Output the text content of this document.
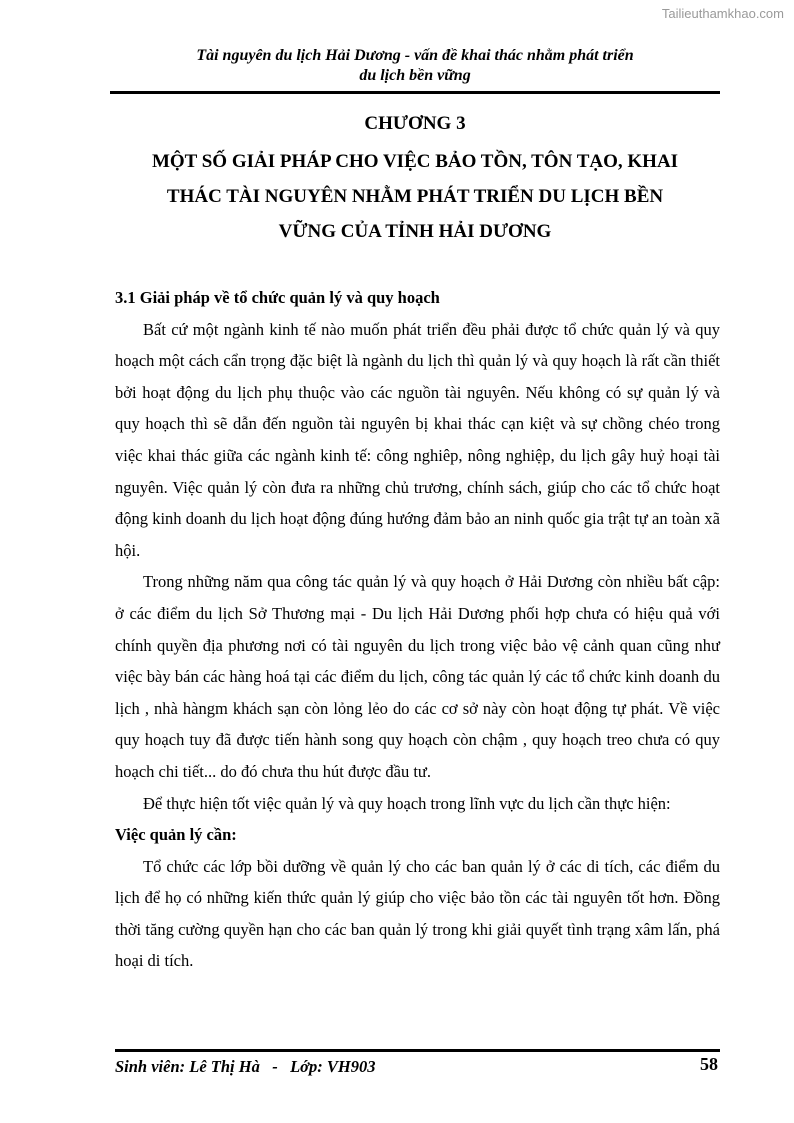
Tailieuthamkhao.com
Tài nguyên du lịch Hải Dương - vấn đề khai thác nhằm phát triển
du lịch bền vững
CHƯƠNG 3
MỘT SỐ GIẢI PHÁP CHO VIỆC BẢO TỒN, TÔN TẠO, KHAI
THÁC TÀI NGUYÊN NHẰM PHÁT TRIỂN DU LỊCH BỀN
VỮNG CỦA TỈNH HẢI DƯƠNG

3.1 Giải pháp về tổ chức quản lý và quy hoạch

Bất cứ một ngành kinh tế nào muốn phát triển đều phải được tổ chức quản lý và quy hoạch một cách cẩn trọng đặc biệt là ngành du lịch thì quản lý và quy hoạch là rất cần thiết bởi hoạt động du lịch phụ thuộc vào các nguồn tài nguyên. Nếu không có sự quản lý và quy hoạch thì sẽ dẫn đến nguồn tài nguyên bị khai thác cạn kiệt và sự chồng chéo trong việc khai thác giữa các ngành kinh tế: công nghiêp, nông nghiệp, du lịch gây huỷ hoại tài nguyên. Việc quản lý còn đưa ra những chủ trương, chính sách, giúp cho các tổ chức hoạt động kinh doanh du lịch hoạt động đúng hướng đảm bảo an ninh quốc gia trật tự an toàn xã hội.

Trong những năm qua công tác quản lý và quy hoạch ở Hải Dương còn nhiều bất cập: ở các điểm du lịch Sở Thương mại - Du lịch Hải Dương phối hợp chưa có hiệu quả với chính quyền địa phương nơi có tài nguyên du lịch trong việc bảo vệ cảnh quan cũng như việc bày bán các hàng hoá tại các điểm du lịch, công tác quản lý các tổ chức kinh doanh du lịch , nhà hàngm khách sạn còn lỏng lẻo do các cơ sở này còn hoạt động tự phát. Về việc quy hoạch tuy đã được tiến hành song quy hoạch còn chậm , quy hoạch treo chưa có quy hoạch chi tiết... do đó chưa thu hút được đầu tư.

Để thực hiện tốt việc quản lý và quy hoạch trong lĩnh vực du lịch cần thực hiện:

Việc quản lý cần:

Tổ chức các lớp bồi dưỡng về quản lý cho các ban quản lý ở các di tích, các điểm du lịch để họ có những kiến thức quản lý giúp cho việc bảo tồn các tài nguyên tốt hơn. Đồng thời tăng cường quyền hạn cho các ban quản lý trong khi giải quyết tình trạng xâm lấn, phá hoại di tích.

Sinh viên: Lê Thị Hà   -   Lớp: VH903	58
